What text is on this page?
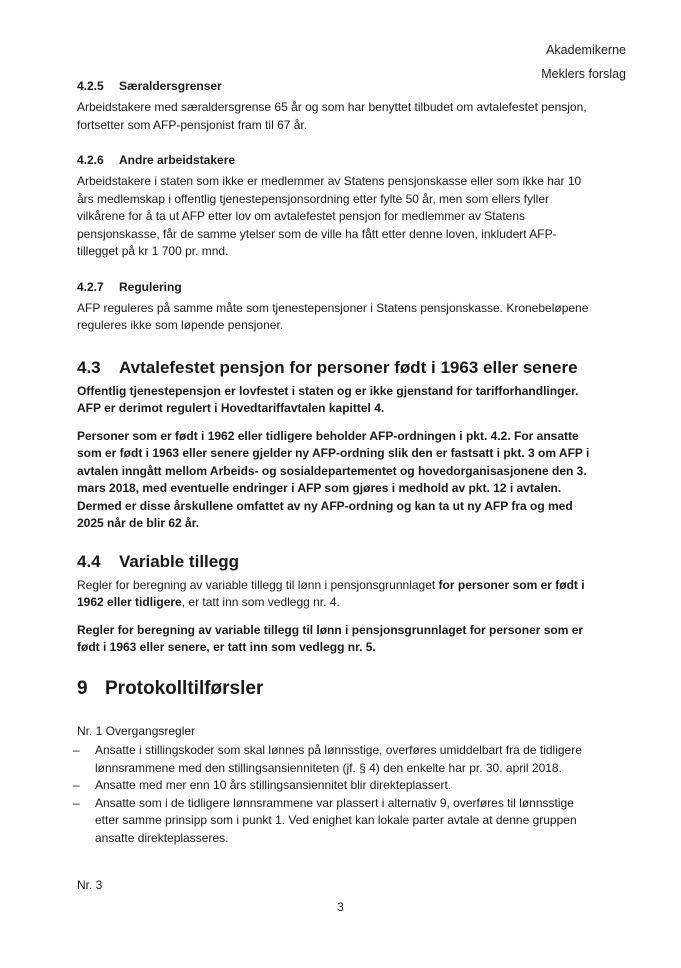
Akademikerne
Meklers forslag
4.2.5 Særaldersgrenser

Arbeidstakere med særaldersgrense 65 år og som har benyttet tilbudet om avtalefestet pensjon, fortsetter som AFP-pensjonist fram til 67 år.

4.2.6 Andre arbeidstakere

Arbeidstakere i staten som ikke er medlemmer av Statens pensjonskasse eller som ikke har 10 års medlemskap i offentlig tjenestepensjonsordning etter fylte 50 år, men som ellers fyller vilkårene for å ta ut AFP etter lov om avtalefestet pensjon for medlemmer av Statens pensjonskasse, får de samme ytelser som de ville ha fått etter denne loven, inkludert AFP-tillegget på kr 1 700 pr. mnd.

4.2.7 Regulering

AFP reguleres på samme måte som tjenestepensjoner i Statens pensjonskasse. Kronebeløpene reguleres ikke som løpende pensjoner.

4.3 Avtalefestet pensjon for personer født i 1963 eller senere

Offentlig tjenestepensjon er lovfestet i staten og er ikke gjenstand for tarifforhandlinger. AFP er derimot regulert i Hovedtariffavtalen kapittel 4.

Personer som er født i 1962 eller tidligere beholder AFP-ordningen i pkt. 4.2. For ansatte som er født i 1963 eller senere gjelder ny AFP-ordning slik den er fastsatt i pkt. 3 om AFP i avtalen inngått mellom Arbeids- og sosialdepartementet og hovedorganisasjonene den 3. mars 2018, med eventuelle endringer i AFP som gjøres i medhold av pkt. 12 i avtalen. Dermed er disse årskullene omfattet av ny AFP-ordning og kan ta ut ny AFP fra og med 2025 når de blir 62 år.

4.4 Variable tillegg

Regler for beregning av variable tillegg til lønn i pensjonsgrunnlaget for personer som er født i 1962 eller tidligere, er tatt inn som vedlegg nr. 4.

Regler for beregning av variable tillegg til lønn i pensjonsgrunnlaget for personer som er født i 1963 eller senere, er tatt inn som vedlegg nr. 5.

9 Protokolltilførsler

Nr. 1 Overgangsregler

– Ansatte i stillingskoder som skal lønnes på lønnsstige, overføres umiddelbart fra de tidligere lønnsrammene med den stillingsansienniteten (jf. § 4) den enkelte har pr. 30. april 2018.
– Ansatte med mer enn 10 års stillingsansiennitet blir direkteplassert.
– Ansatte som i de tidligere lønnsrammene var plassert i alternativ 9, overføres til lønnsstige etter samme prinsipp som i punkt 1. Ved enighet kan lokale parter avtale at denne gruppen ansatte direkteplasseres.

Nr. 3

3
